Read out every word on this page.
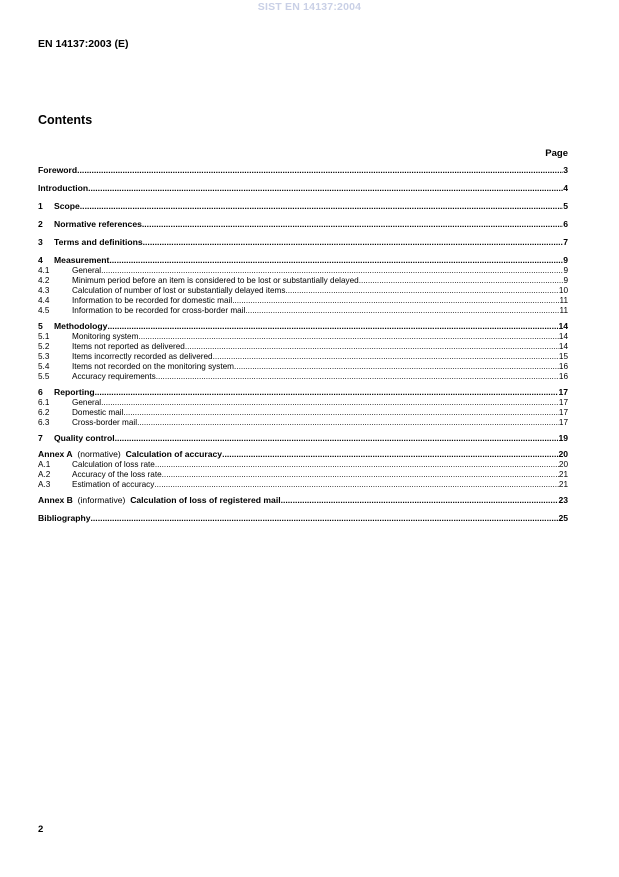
SIST EN 14137:2004
EN 14137:2003 (E)
Contents
Page
Foreword .....	3
Introduction .....	4
1	Scope .....	5
2	Normative references .....	6
3	Terms and definitions .....	7
4	Measurement .....	9
4.1	General .....	9
4.2	Minimum period before an item is considered to be lost or substantially delayed .....	9
4.3	Calculation of number of lost or substantially delayed items .....	10
4.4	Information to be recorded for domestic mail .....	11
4.5	Information to be recorded for cross-border mail .....	11
5	Methodology .....	14
5.1	Monitoring system .....	14
5.2	Items not reported as delivered .....	14
5.3	Items incorrectly recorded as delivered .....	15
5.4	Items not recorded on the monitoring system .....	16
5.5	Accuracy requirements .....	16
6	Reporting .....	17
6.1	General .....	17
6.2	Domestic mail .....	17
6.3	Cross-border mail .....	17
7	Quality control .....	19
Annex A (normative) Calculation of accuracy .....	20
A.1	Calculation of loss rate .....	20
A.2	Accuracy of the loss rate .....	21
A.3	Estimation of accuracy .....	21
Annex B (informative) Calculation of loss of registered mail .....	23
Bibliography .....	25
2
